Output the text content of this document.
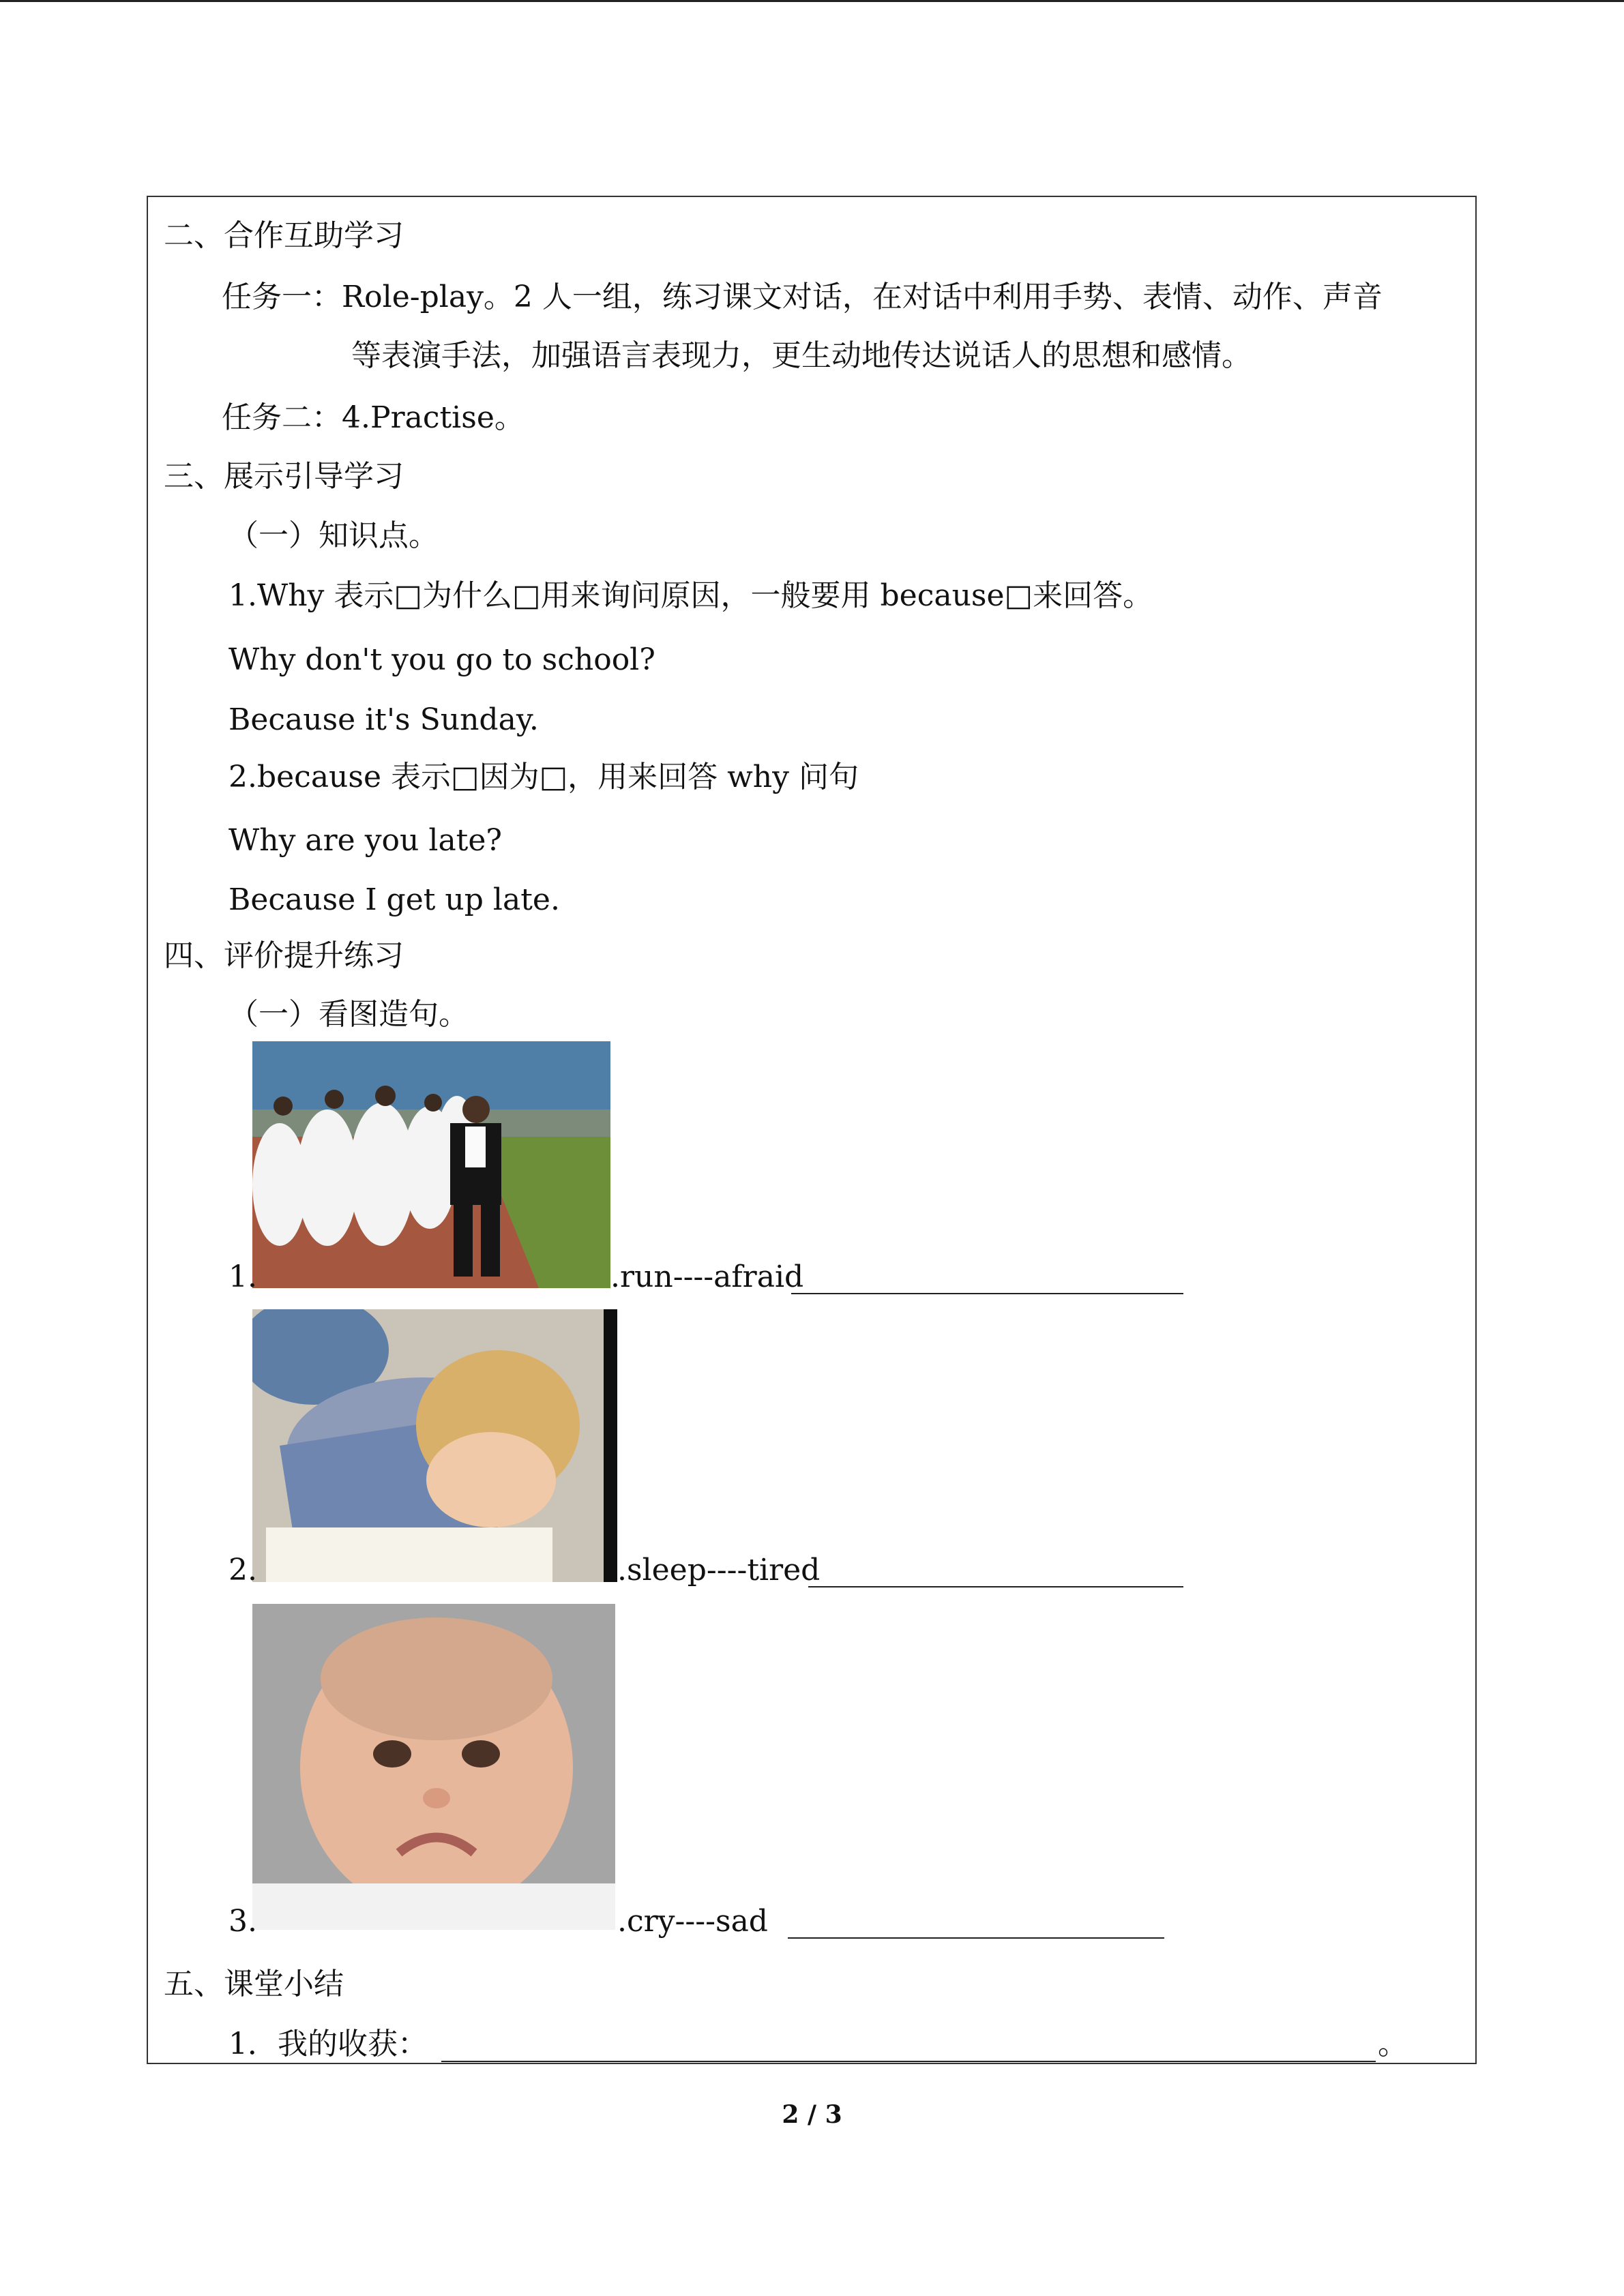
二、合作互助学习
任务一：Role-play。2 人一组，练习课文对话，在对话中利用手势、表情、动作、声音
等表演手法，加强语言表现力，更生动地传达说话人的思想和感情。
任务二：4.Practise。
三、展示引导学习
（一）知识点。
1.Why 表示□为什么□用来询问原因，一般要用 because□来回答。
Why don't you go to school?
Because it's Sunday.
2.because 表示□因为□，用来回答 why 问句
Why are you late?
Because I get up late.
四、评价提升练习
（一）看图造句。
1.	.run----afraid
2.	.sleep----tired
3.	.cry----sad
五、课堂小结
1．我的收获：	。
2 / 3
